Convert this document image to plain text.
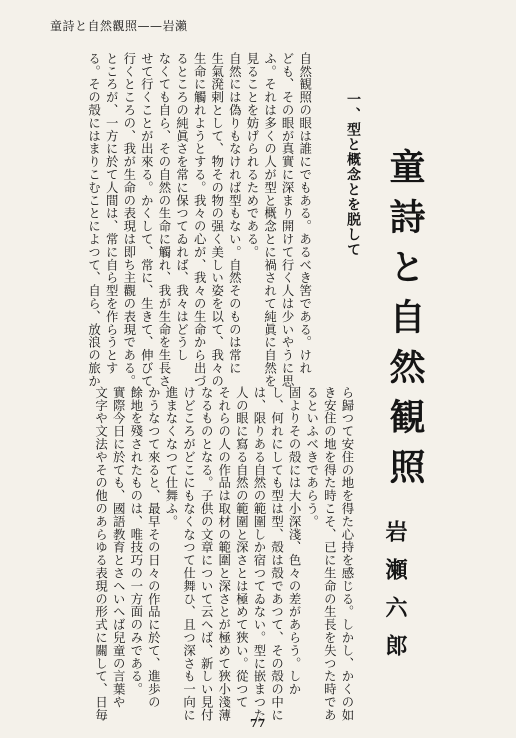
童詩と自然觀照——岩瀨
童詩と自然観照
岩瀬六郎
一、型と概念とを脱して
自然観照の眼は誰にでもある。あるべき筈である。けれ
ども、その眼が真實に深まり開けて行く人は少いやうに思
ふ。それは多くの人が型と概念とに禍されて純眞に自然を
見ることを妨げられるためである。
自然には偽りもなければ型もない。自然そのものは常に
生氣溌剌として、物その物の强く美しい姿を以て、我々の
生命に觸れようとする。我々の心が、我々の生命から出づ
るところの純眞さを常に保つてゐれば、我々はどうし
なくても自ら、その自然の生命に觸れ、我が生命を生長さ
せて行くことが出來る。かくして、常に、生きて、伸びて
行くところの、我が生命の表現は即ち主觀の表現である。
ところが、一方に於て人間は、常に自ら型を作らうとす
る。その殻にはまりこむことによつて、自ら、放浪の旅か
ら歸つて安住の地を得た心持を感じる。しかし、かくの如
き安住の地を得た時こそ、已に生命の生長を失つた時であ
るといふべきであらう。
固よりその殻には大小深淺、色々の差があらう。しか
し、何れにしても型は型、殻は殻であつて、その殻の中に
は、限りある自然の範圍しか宿つてゐない。型に嵌まつた
人の眼に寫る自然の範圍と深さとは極めて狹い。從つて
それらの人の作品は取材の範圍と深さとが極めて狹小淺薄
なるものとなる。子供の文章について云へば、新しい見付
けどころがどこにもなくなつて仕舞ひ、且つ深さも一向に
進まなくなつて仕舞ふ。
かうなつて來ると、最早その日々の作品に於て、進歩の
餘地を殘されたものは、唯技巧の一方面のみである。
實際今日に於ても、國語教育とさへいへば兒童の言葉や
文字や文法やその他のあらゆる表現の形式に關して、日毎
77
